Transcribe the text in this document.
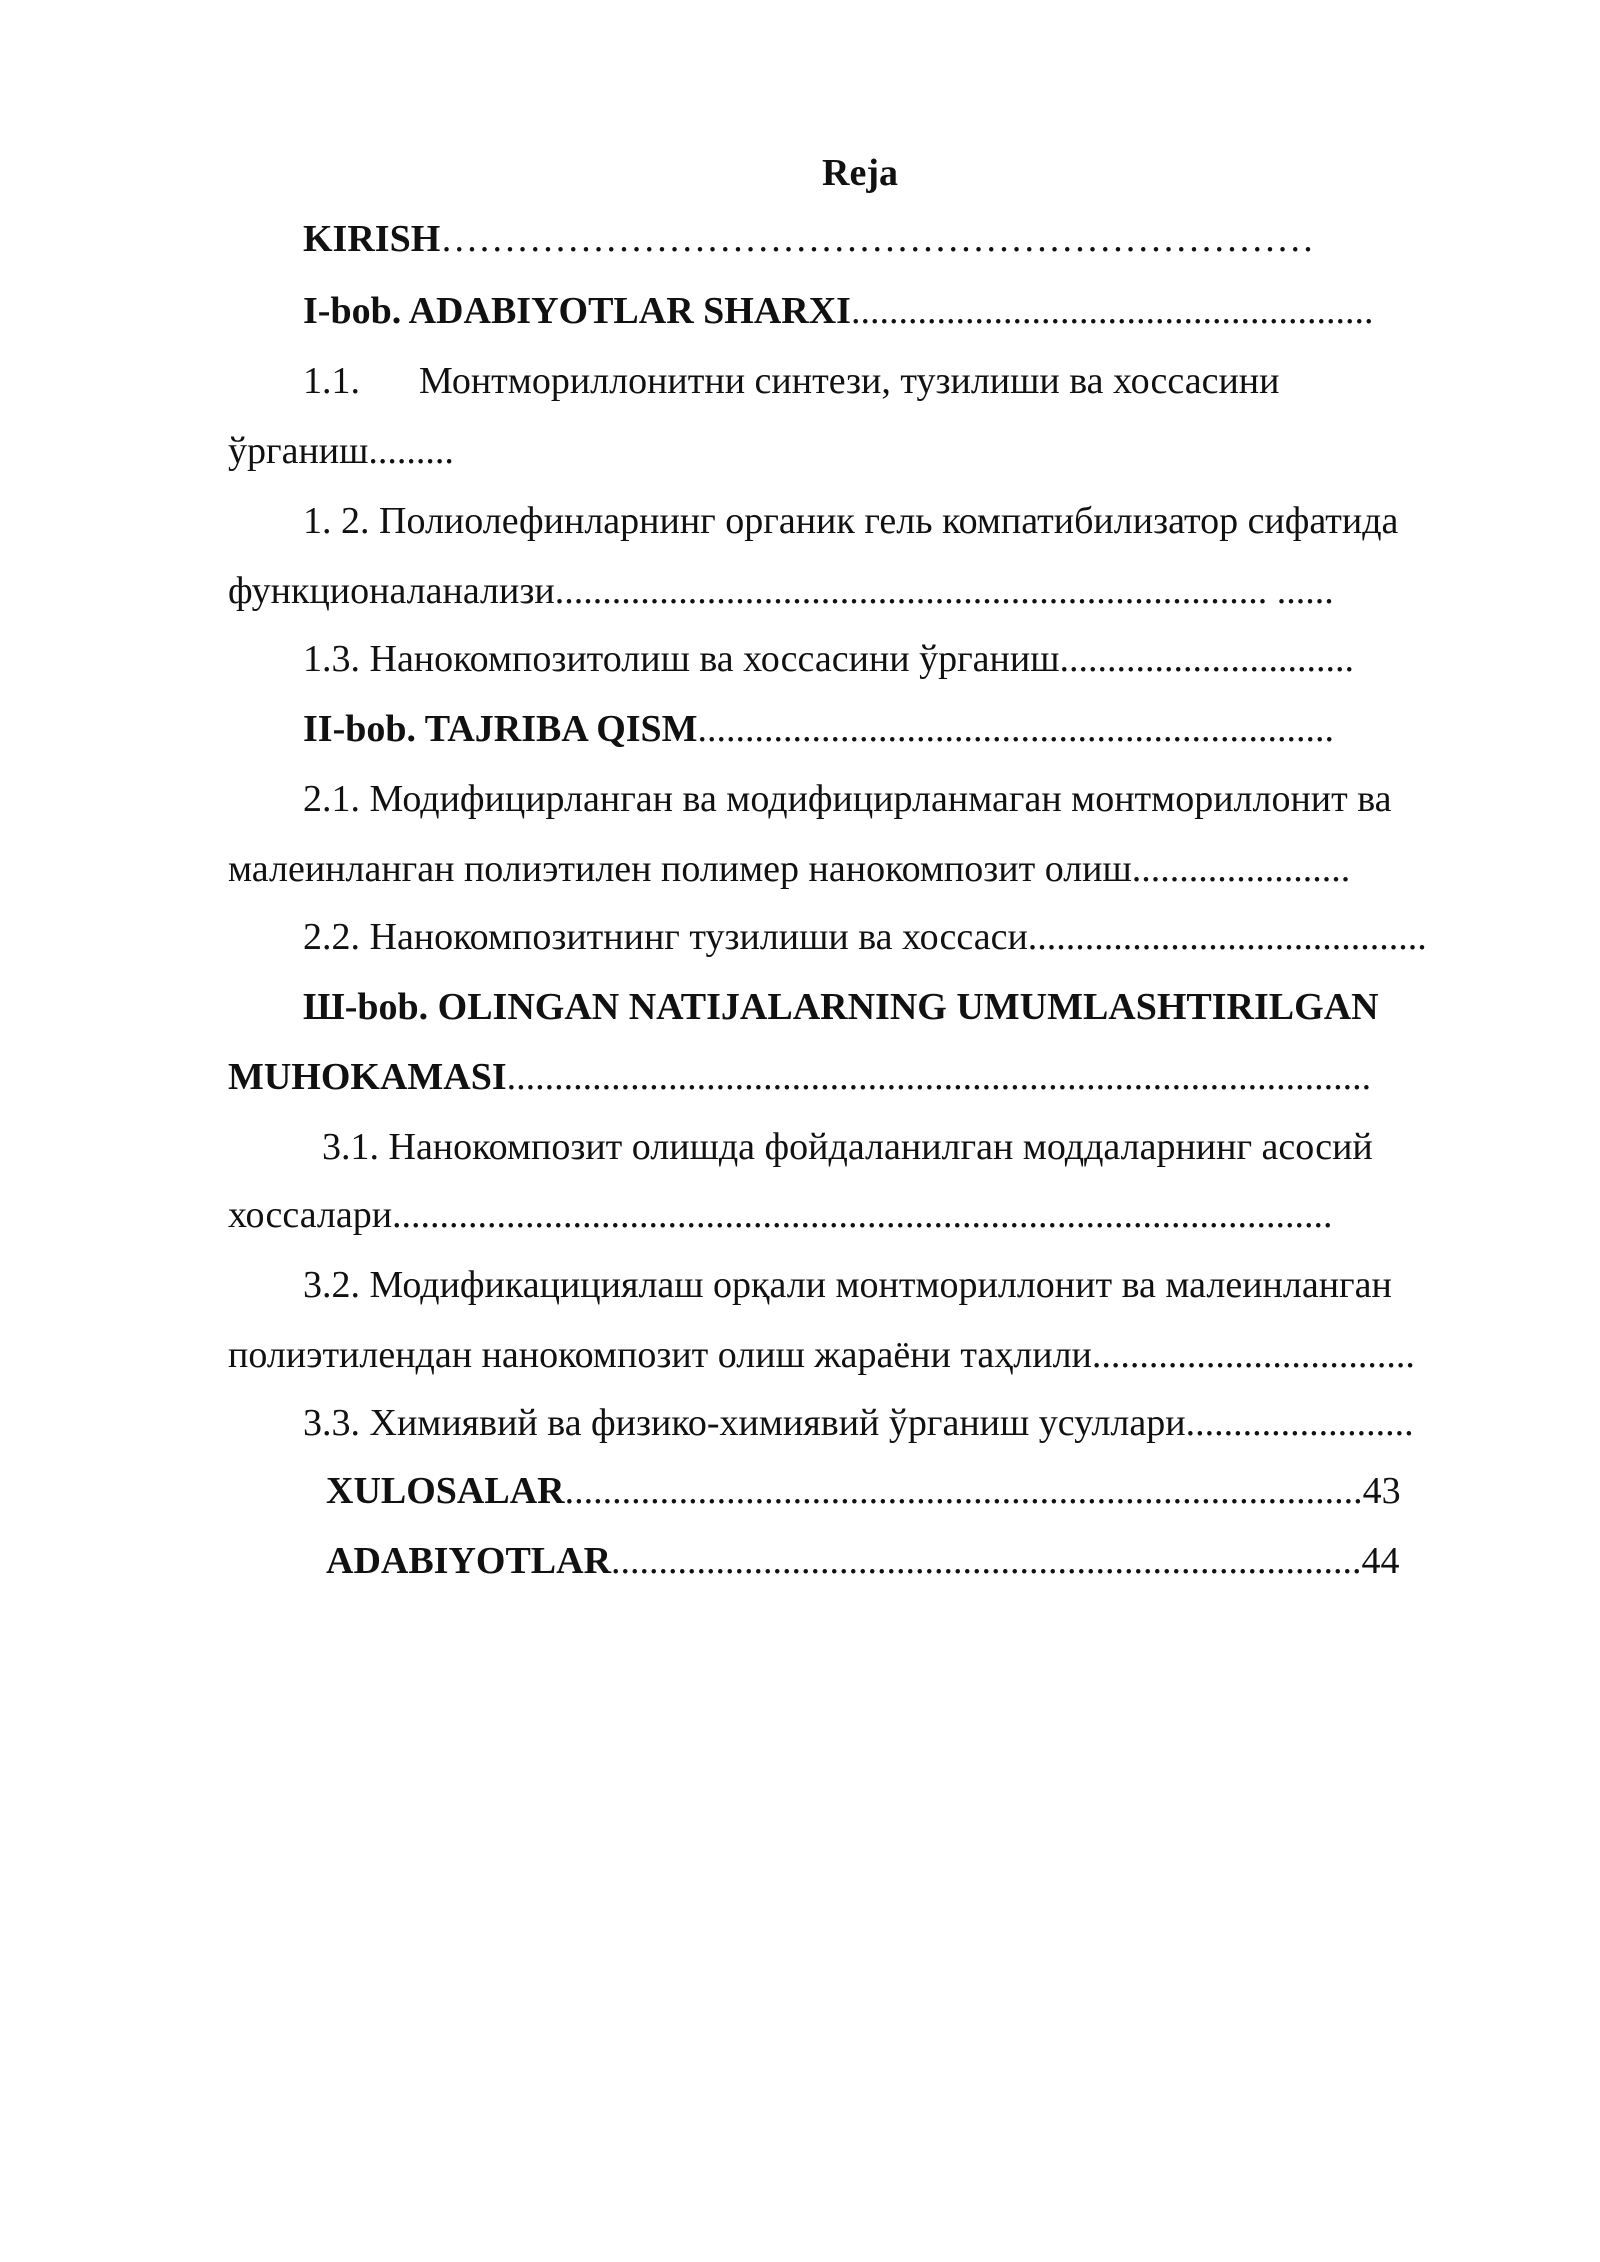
Reja
KIRISH……………………………………………………………
I-bob. ADABIYOTLAR SHARXI.......................................................
1.1. Монтмориллонитни синтези, тузилиши ва хоссасини
ўрганиш.........
1. 2. Полиолефинларнинг органик гель компатибилизатор сифатида
функционаланализи........................................................................... ......
1.3. Нанокомпозитолиш ва хоссасини ўрганиш...............................
II-bob. TAJRIBA QISM...................................................................
2.1. Модифицирланган ва модифицирланмаган монтмориллонит ва
малеинланган полиэтилен полимер нанокомпозит олиш.......................
2.2. Нанокомпозитнинг тузилиши ва хоссаси..........................................
Ш-bob. OLINGAN NATIJALARNING UMUMLASHTIRILGAN
MUHOKAMASI...........................................................................................
3.1. Нанокомпозит олишда фойдаланилган моддаларнинг асосий
хоссалари...................................................................................................
3.2. Модификацициялаш орқали монтмориллонит ва малеинланган
полиэтилендан нанокомпозит олиш жараёни таҳлили..................................
3.3. Химиявий ва физико-химиявий ўрганиш усуллари........................
XULOSALAR....................................................................................43
ADABIYOTLAR...............................................................................44
